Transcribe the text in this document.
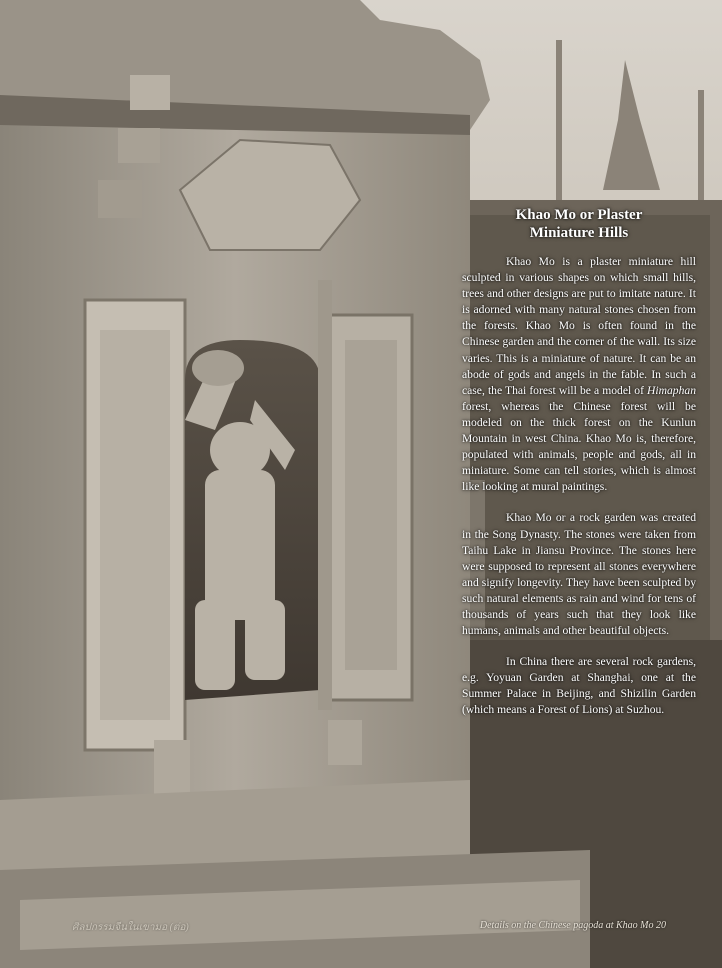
Khao Mo or Plaster
Miniature Hills

Khao Mo is a plaster miniature hill sculpted in various shapes on which small hills, trees and other designs are put to imitate nature. It is adorned with many natural stones chosen from the forests. Khao Mo is often found in the Chinese garden and the corner of the wall. Its size varies. This is a miniature of nature. It can be an abode of gods and angels in the fable. In such a case, the Thai forest will be a model of Himaphan forest, whereas the Chinese forest will be modeled on the thick forest on the Kunlun Mountain in west China. Khao Mo is, therefore, populated with animals, people and gods, all in miniature. Some can tell stories, which is almost like looking at mural paintings.

Khao Mo or a rock garden was created in the Song Dynasty. The stones were taken from Taihu Lake in Jiansu Province. The stones here were supposed to represent all stones everywhere and signify longevity. They have been sculpted by such natural elements as rain and wind for tens of thousands of years such that they look like humans, animals and other beautiful objects.

In China there are several rock gardens, e.g. Yoyuan Garden at Shanghai, one at the Summer Palace in Beijing, and Shizilin Garden (which means a Forest of Lions) at Suzhou.

ศิลปกรรมจีนในเขามอ (ต่อ)	Details on the Chinese pagoda at Khao Mo 20
